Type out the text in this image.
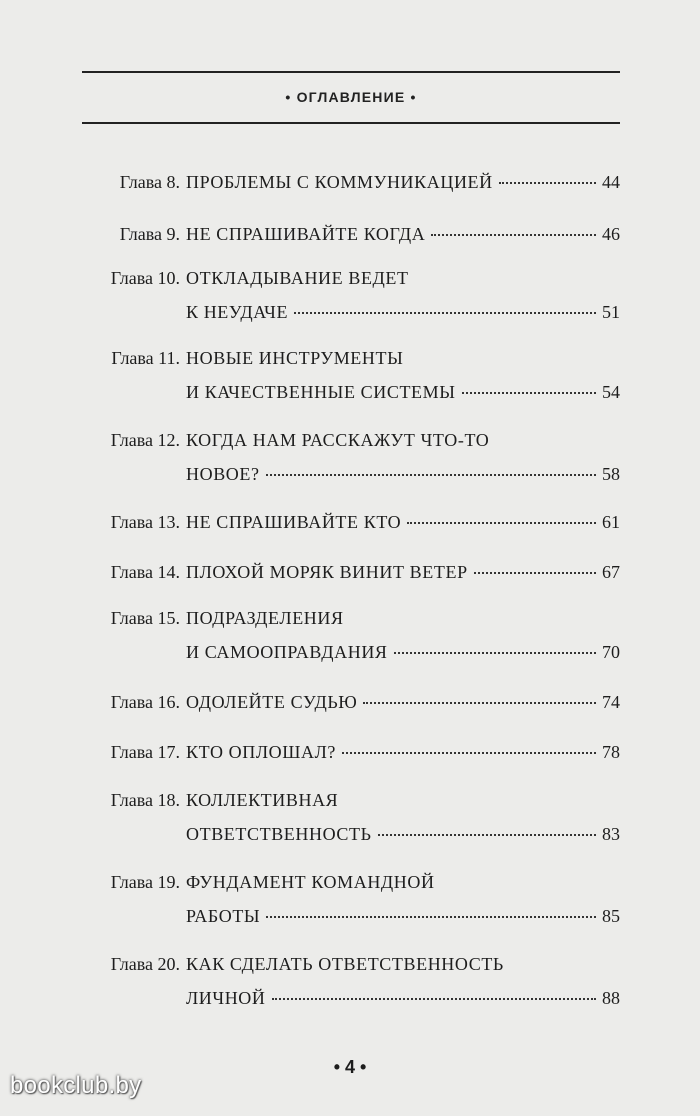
• ОГЛАВЛЕНИЕ •
Глава 8. ПРОБЛЕМЫ С КОММУНИКАЦИЕЙ	44
Глава 9. НЕ СПРАШИВАЙТЕ КОГДА	46
Глава 10. ОТКЛАДЫВАНИЕ ВЕДЕТ
К НЕУДАЧЕ	51
Глава 11. НОВЫЕ ИНСТРУМЕНТЫ
И КАЧЕСТВЕННЫЕ СИСТЕМЫ	54
Глава 12. КОГДА НАМ РАССКАЖУТ ЧТО-ТО
НОВОЕ?	58
Глава 13. НЕ СПРАШИВАЙТЕ КТО	61
Глава 14. ПЛОХОЙ МОРЯК ВИНИТ ВЕТЕР	67
Глава 15. ПОДРАЗДЕЛЕНИЯ
И САМООПРАВДАНИЯ	70
Глава 16. ОДОЛЕЙТЕ СУДЬЮ	74
Глава 17. КТО ОПЛОШАЛ?	78
Глава 18. КОЛЛЕКТИВНАЯ
ОТВЕТСТВЕННОСТЬ	83
Глава 19. ФУНДАМЕНТ КОМАНДНОЙ
РАБОТЫ	85
Глава 20. КАК СДЕЛАТЬ ОТВЕТСТВЕННОСТЬ
ЛИЧНОЙ	88
• 4 •
bookclub.by
